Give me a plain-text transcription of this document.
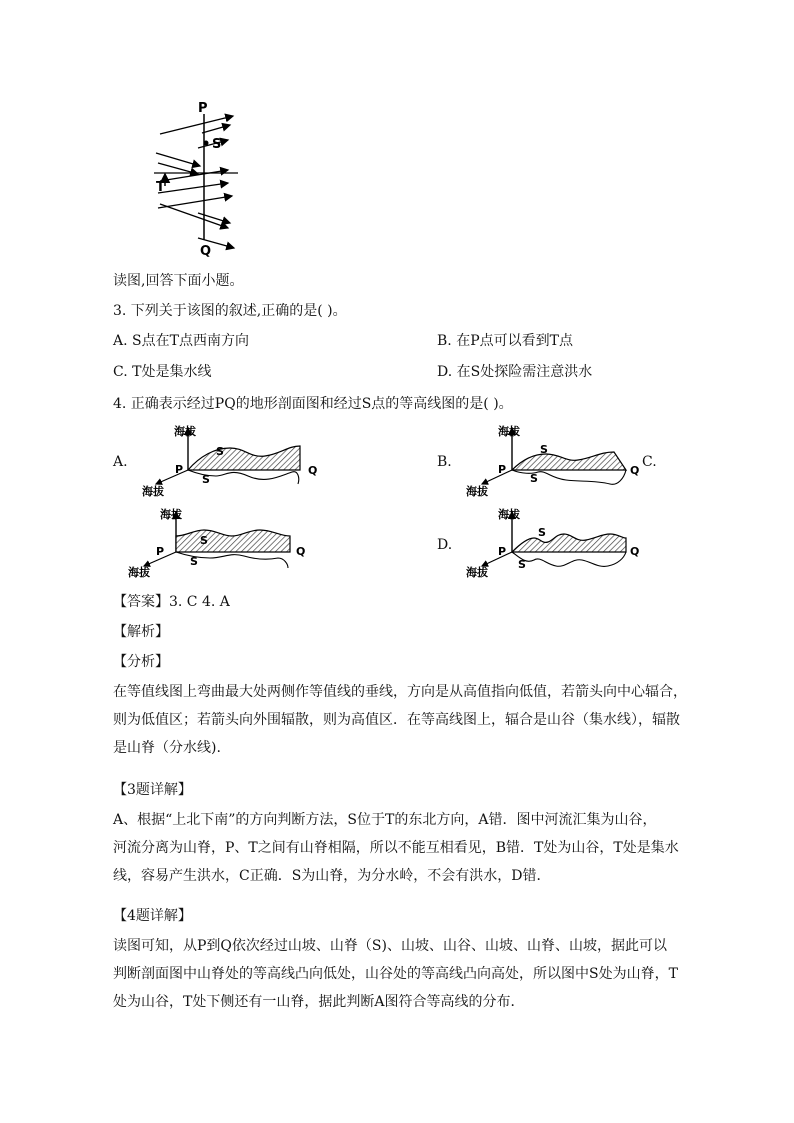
P
S
T
Q
读图,回答下面小题。
3. 下列关于该图的叙述,正确的是( )。
A. S点在T点西南方向	B. 在P点可以看到T点
C. T处是集水线	D. 在S处探险需注意洪水
4. 正确表示经过PQ的地形剖面图和经过S点的等高线图的是( )。
A.	B.	C.
D.
海拔
P
S
S
Q
海拔
海拔
P
S
S
Q
海拔
海拔
P
S
S
Q
海拔
海拔
P
S
S
Q
海拔
【答案】3. C 4. A
【解析】
【分析】
在等值线图上弯曲最大处两侧作等值线的垂线，方向是从高值指向低值，若箭头向中心辐合，
则为低值区；若箭头向外围辐散，则为高值区．在等高线图上，辐合是山谷（集水线），辐散
是山脊（分水线).
【3题详解】
A、根据“上北下南”的方向判断方法，S位于T的东北方向，A错．图中河流汇集为山谷，
河流分离为山脊，P、T之间有山脊相隔，所以不能互相看见，B错．T处为山谷，T处是集水
线，容易产生洪水，C正确．S为山脊，为分水岭，不会有洪水，D错．
【4题详解】
读图可知，从P到Q依次经过山坡、山脊（S)、山坡、山谷、山坡、山脊、山坡，据此可以
判断剖面图中山脊处的等高线凸向低处，山谷处的等高线凸向高处，所以图中S处为山脊，T
处为山谷，T处下侧还有一山脊，据此判断A图符合等高线的分布．
